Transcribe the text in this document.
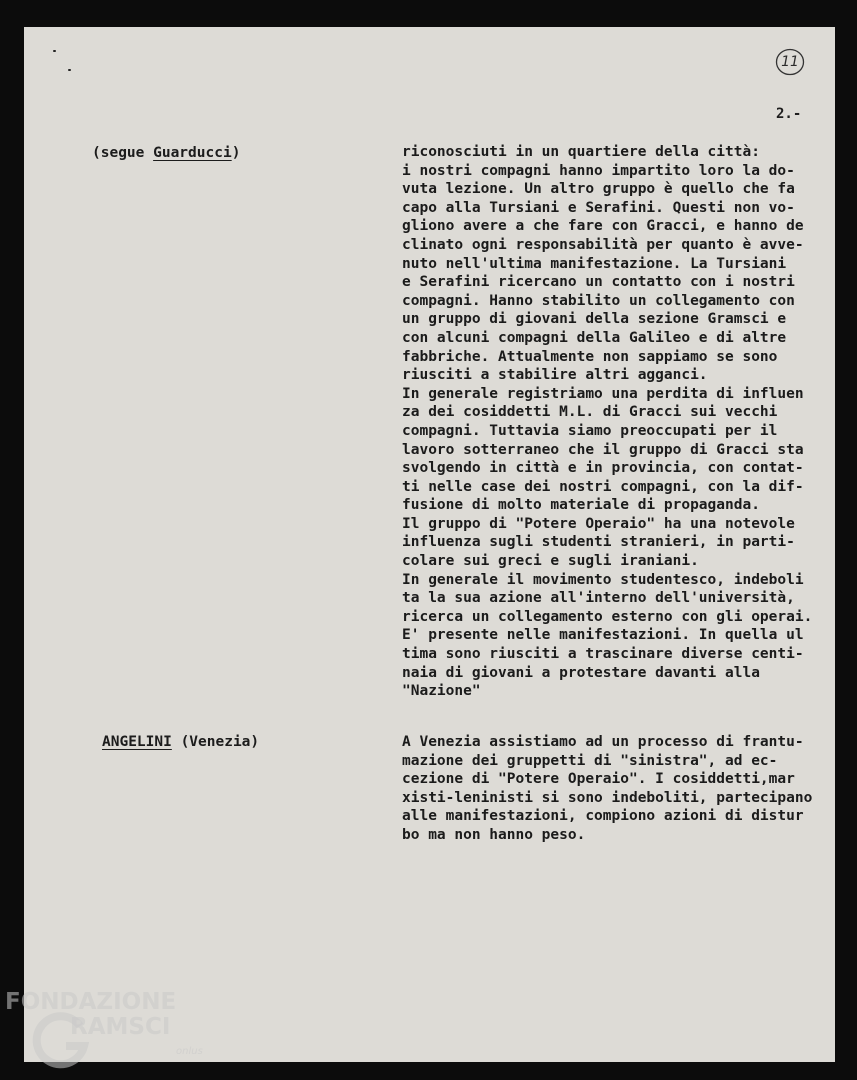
11
2.-
(segue Guarducci)	riconosciuti in un quartiere della città:
i nostri compagni hanno impartito loro la do-
vuta lezione. Un altro gruppo è quello che fa
capo alla Tursiani e Serafini. Questi non vo-
gliono avere a che fare con Gracci, e hanno de
clinato ogni responsabilità per quanto è avve-
nuto nell'ultima manifestazione. La Tursiani
e Serafini ricercano un contatto con i nostri
compagni. Hanno stabilito un collegamento con
un gruppo di giovani della sezione Gramsci e
con alcuni compagni della Galileo e di altre
fabbriche. Attualmente non sappiamo se sono
riusciti a stabilire altri agganci.
In generale registriamo una perdita di influen
za dei cosiddetti M.L. di Gracci sui vecchi
compagni. Tuttavia siamo preoccupati per il
lavoro sotterraneo che il gruppo di Gracci sta
svolgendo in città e in provincia, con contat-
ti nelle case dei nostri compagni, con la dif-
fusione di molto materiale di propaganda.
Il gruppo di "Potere Operaio" ha una notevole
influenza sugli studenti stranieri, in parti-
colare sui greci e sugli iraniani.
In generale il movimento studentesco, indeboli
ta la sua azione all'interno dell'università,
ricerca un collegamento esterno con gli operai.
E' presente nelle manifestazioni. In quella ul
tima sono riusciti a trascinare diverse centi-
naia di giovani a protestare davanti alla
"Nazione"
ANGELINI (Venezia)	A Venezia assistiamo ad un processo di frantu-
mazione dei gruppetti di "sinistra", ad ec-
cezione di "Potere Operaio". I cosiddetti,mar
xisti-leninisti si sono indeboliti, partecipano
alle manifestazioni, compiono azioni di distur
bo ma non hanno peso.
FONDAZIONE
RAMSCI
onlus
